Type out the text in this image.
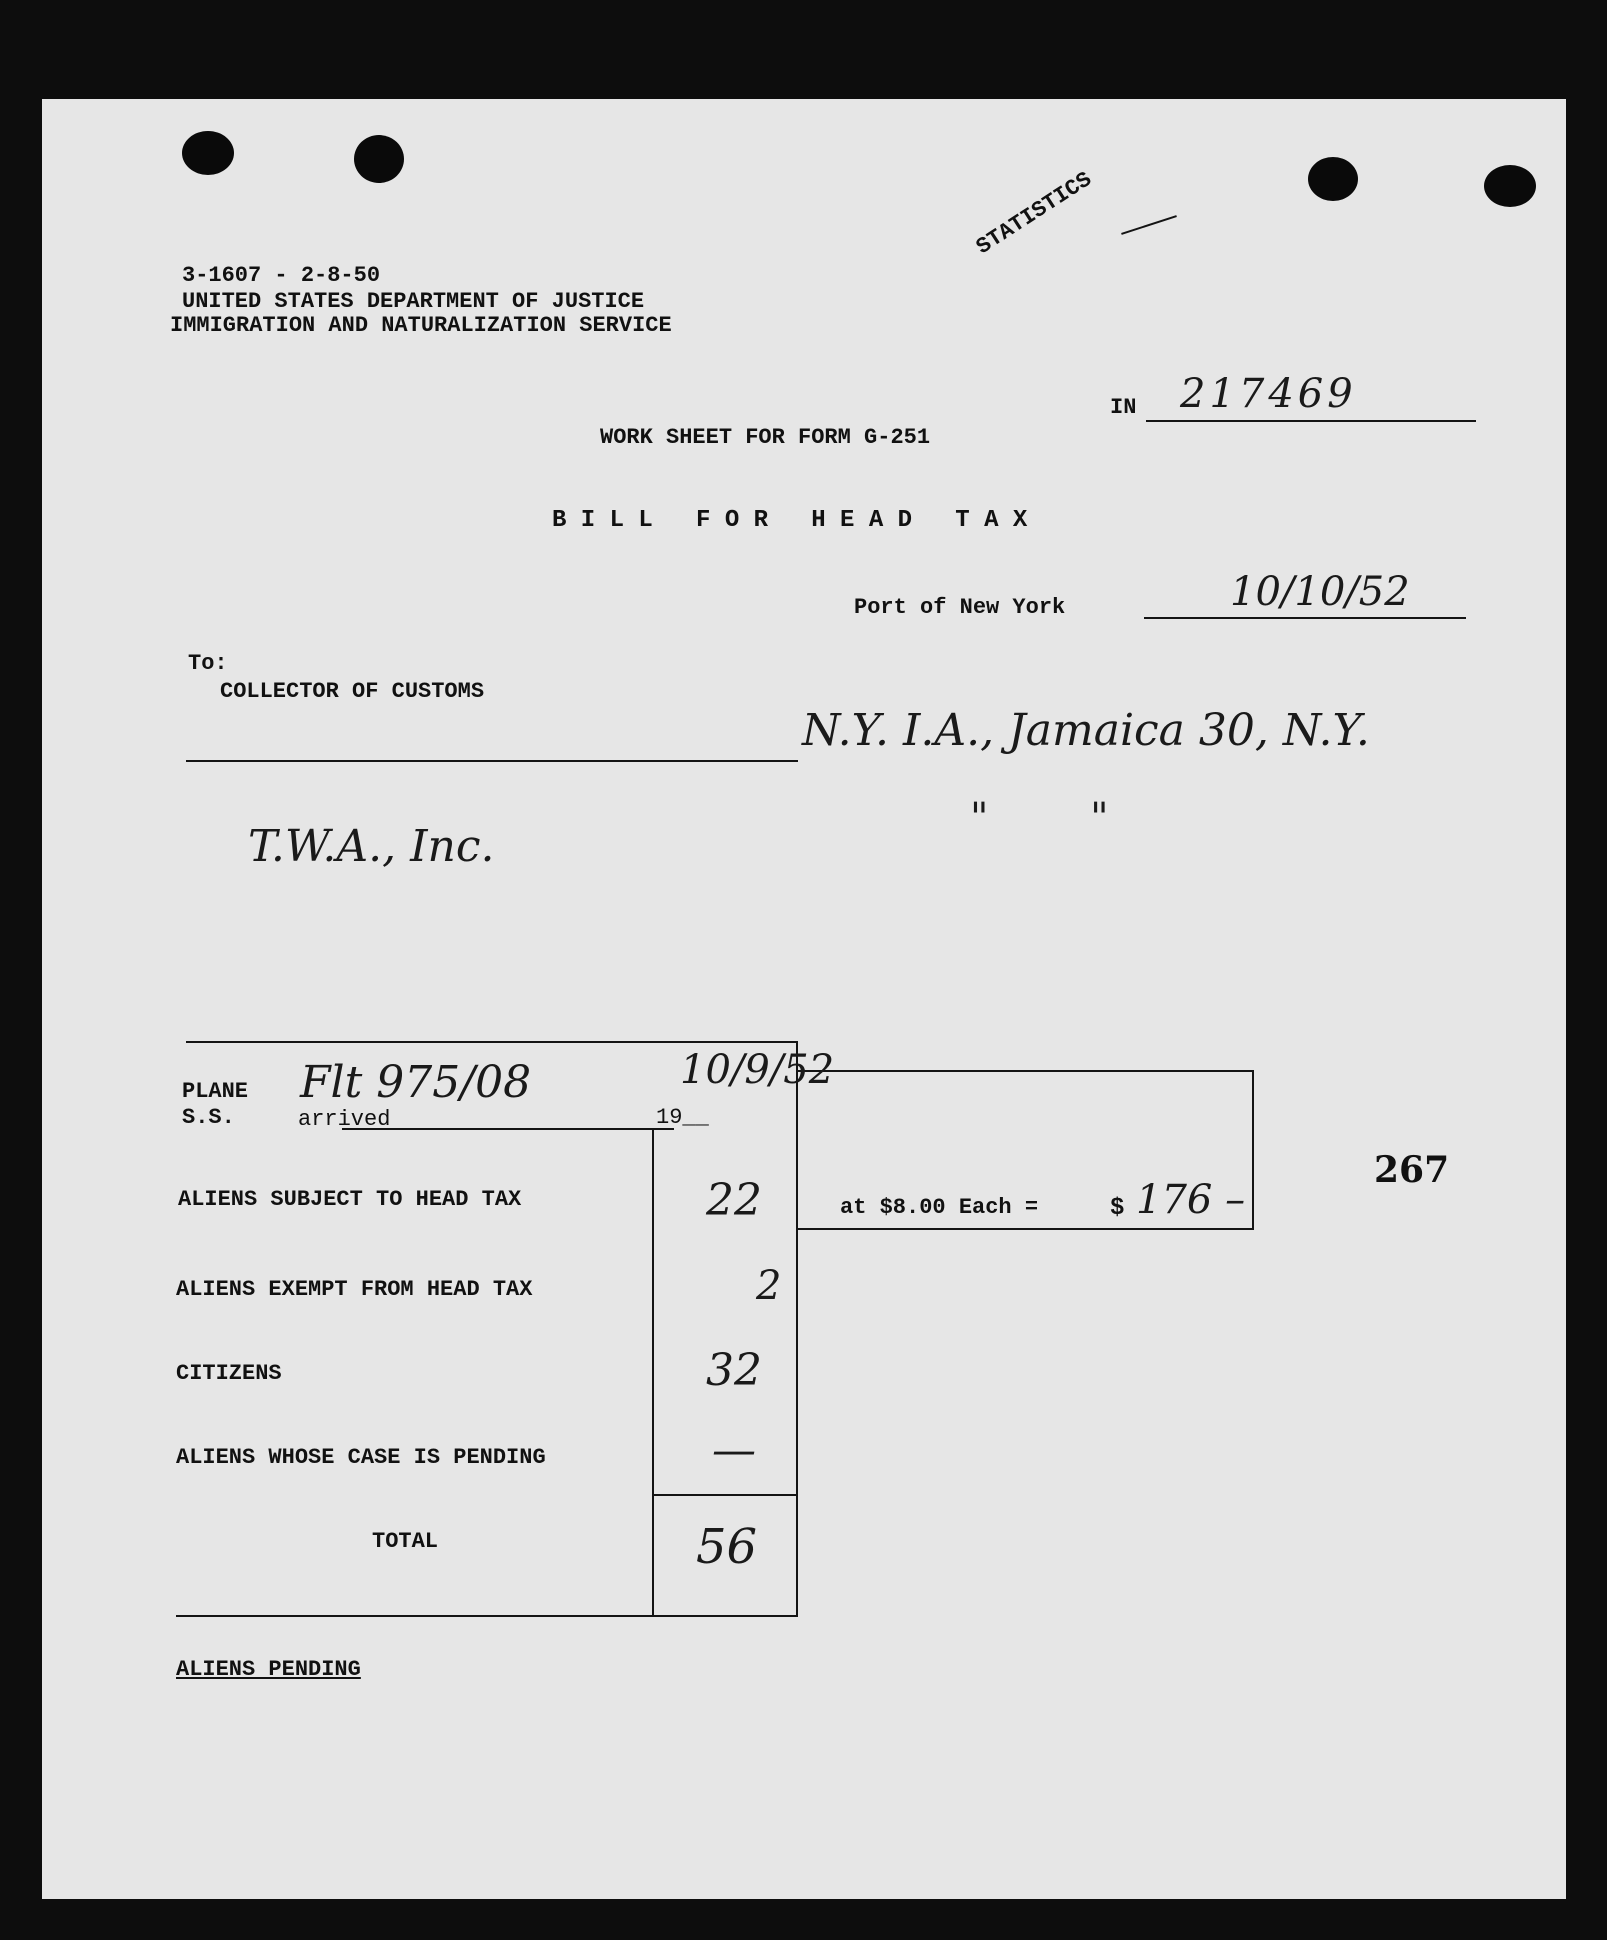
3-1607 - 2-8-50
UNITED STATES DEPARTMENT OF JUSTICE
IMMIGRATION AND NATURALIZATION SERVICE
STATISTICS
IN 217469
WORK SHEET FOR FORM G-251
B I L L   F O R   H E A D   T A X
Port of New York	10/10/52
To:
COLLECTOR OF CUSTOMS
N.Y. I.A., Jamaica 30, N.Y.
"        "
T.W.A., Inc.
PLANE
S.S.	arrived	19__
Flt 975/08	10/9/52
ALIENS SUBJECT TO HEAD TAX	22
ALIENS EXEMPT FROM HEAD TAX	2
CITIZENS	32
ALIENS WHOSE CASE IS PENDING	—
TOTAL	56
at $8.00 Each =	$ 176 –
267
ALIENS PENDING
